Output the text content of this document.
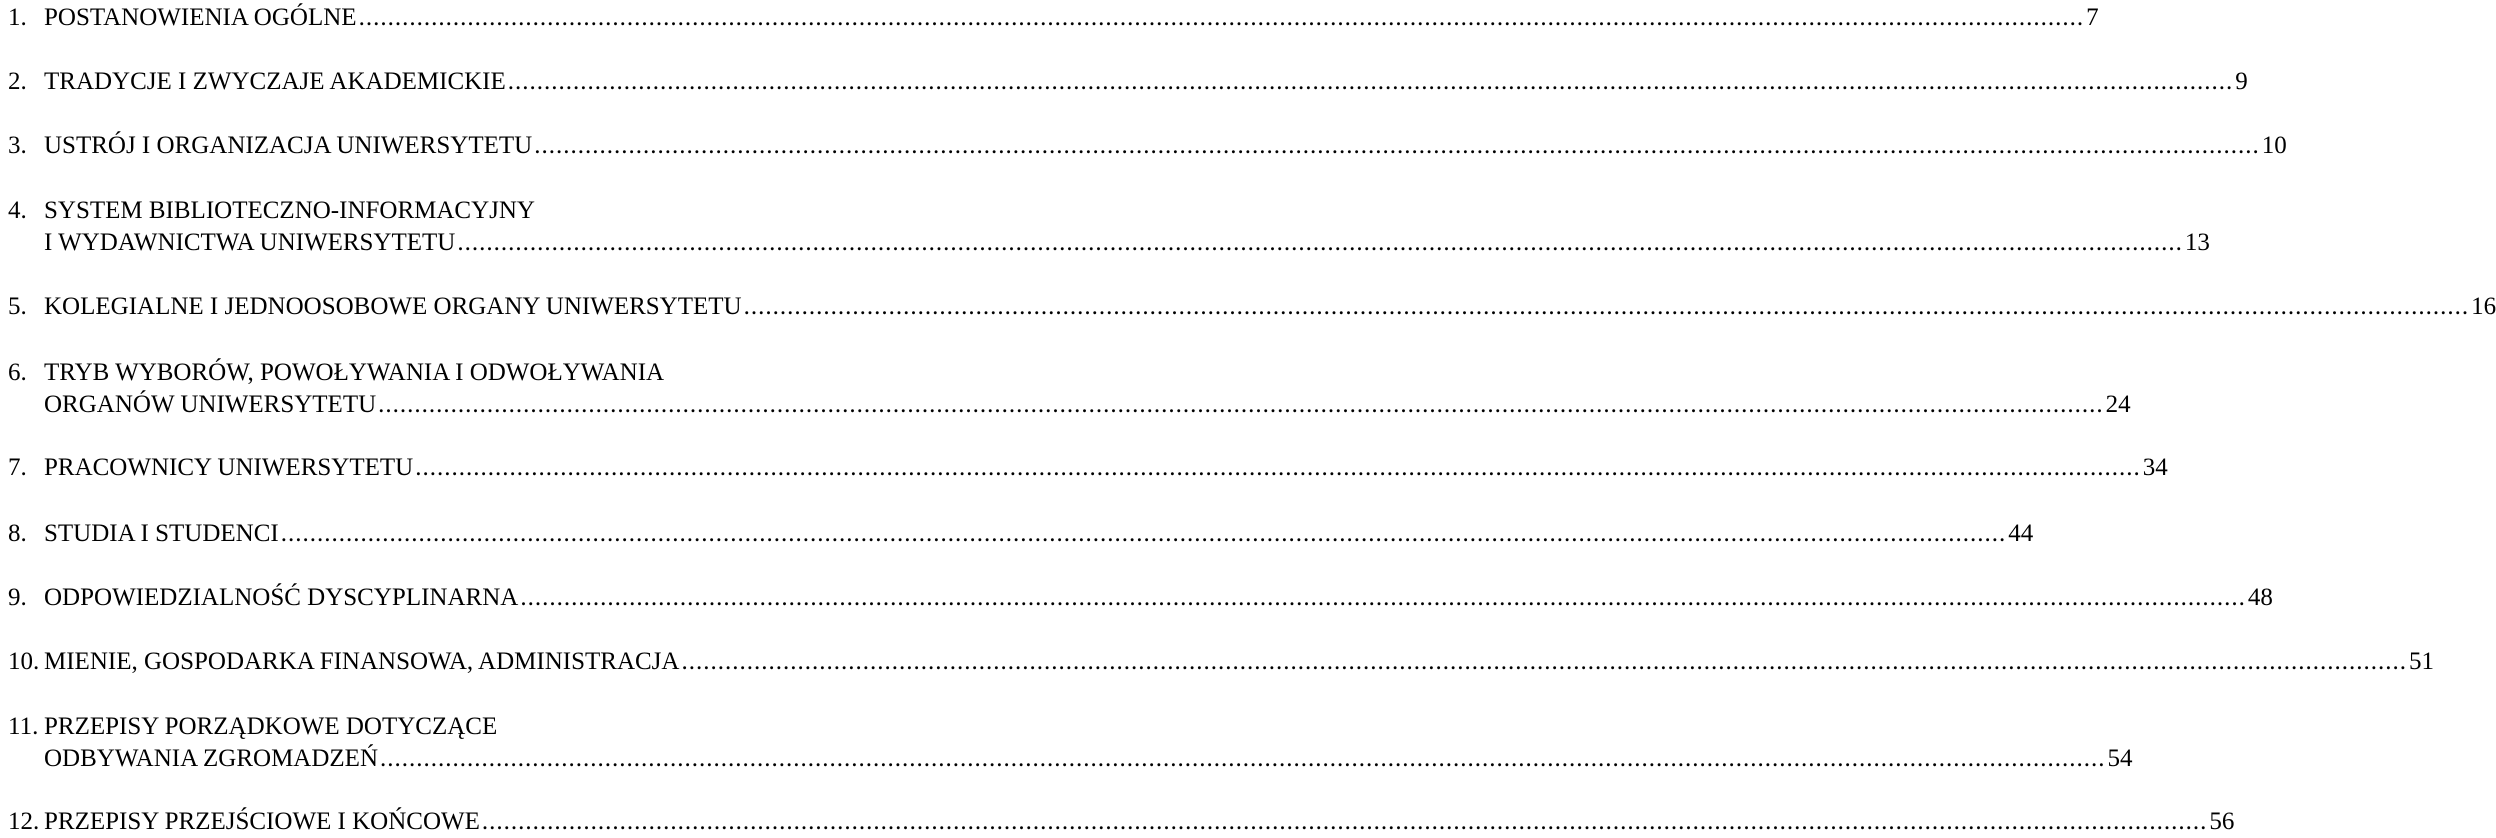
1. POSTANOWIENIA OGÓLNE .....	7
2. TRADYCJE I ZWYCZAJE AKADEMICKIE .....	9
3. USTRÓJ I ORGANIZACJA UNIWERSYTETU .....	10
4. SYSTEM BIBLIOTECZNO-INFORMACYJNY
I WYDAWNICTWA UNIWERSYTETU .....	13
5. KOLEGIALNE I JEDNOOSOBOWE ORGANY UNIWERSYTETU .....	16
6. TRYB WYBORÓW, POWOŁYWANIA I ODWOŁYWANIA
ORGANÓW UNIWERSYTETU .....	24
7. PRACOWNICY UNIWERSYTETU .....	34
8. STUDIA I STUDENCI .....	44
9. ODPOWIEDZIALNOŚĆ DYSCYPLINARNA .....	48
10. MIENIE, GOSPODARKA FINANSOWA, ADMINISTRACJA .....	51
11. PRZEPISY PORZĄDKOWE DOTYCZĄCE
ODBYWANIA ZGROMADZEŃ .....	54
12. PRZEPISY PRZEJŚCIOWE I KOŃCOWE .....	56
